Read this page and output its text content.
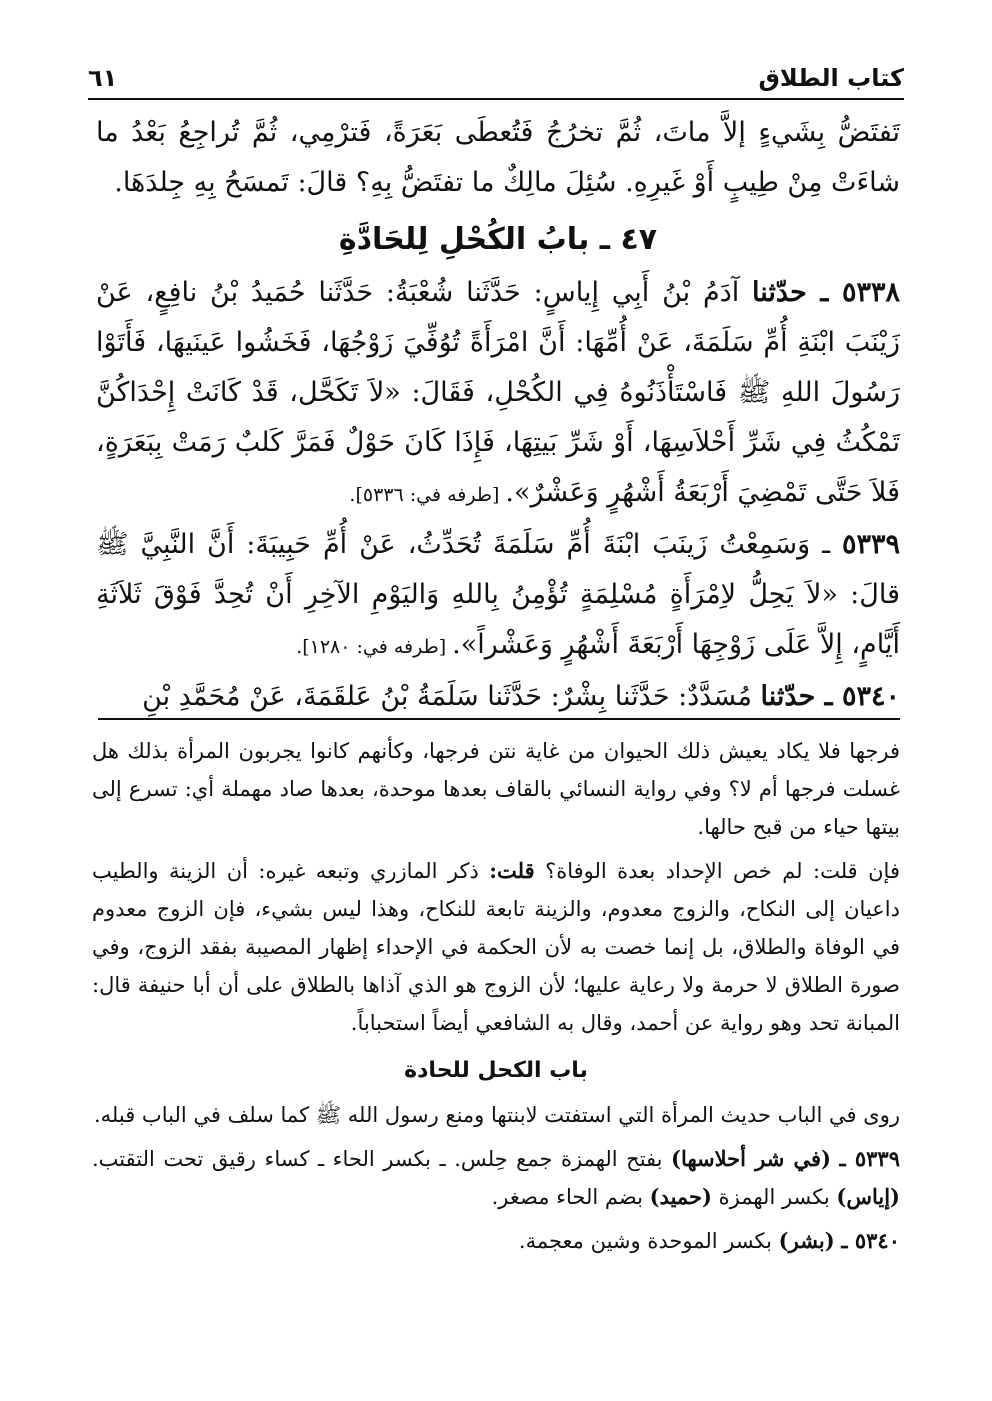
كتاب الطلاق
٦١

تَفتَضُّ بِشَيءٍ إلاَّ ماتَ، ثُمَّ تخرُجُ فَتُعطَى بَعَرَةً، فَترْمِي، ثُمَّ تُراجِعُ بَعْدُ ما شاءَتْ مِنْ طِيبٍ أَوْ غَيرِهِ. سُئِلَ مالِكٌ ما تفتَضُّ بِهِ؟ قالَ: تَمسَحُ بِهِ جِلدَهَا.

٤٧ ـ بابُ الكُحْلِ لِلحَادَّةِ

٥٣٣٨ ـ حدّثنا آدَمُ بْنُ أَبِي إِياسٍ: حَدَّثَنا شُعْبَةُ: حَدَّثَنا حُمَيدُ بْنُ نافِعٍ، عَنْ زَيْنَبَ ابْنَةِ أُمِّ سَلَمَةَ، عَنْ أُمِّهَا: أَنَّ امْرَأَةً تُوُفِّيَ زَوْجُهَا، فَخَشُوا عَينَيهَا، فَأَتَوْا رَسُولَ اللهِ ﷺ فَاسْتَأْذَنُوهُ فِي الكُحْلِ، فَقَالَ: «لاَ تَكَحَّل، قَدْ كَانَتْ إِحْدَاكُنَّ تَمْكُثُ فِي شَرِّ أَحْلاَسِهَا، أَوْ شَرِّ بَيتِهَا، فَإِذَا كَانَ حَوْلٌ فَمَرَّ كَلبٌ رَمَتْ بِبَعَرَةٍ، فَلاَ حَتَّى تَمْضِيَ أَرْبَعَةُ أَشْهُرٍ وَعَشْرٌ». [طرفه في: ٥٣٣٦].

٥٣٣٩ ـ وَسَمِعْتُ زَينَبَ ابْنَةَ أُمِّ سَلَمَةَ تُحَدِّثُ، عَنْ أُمِّ حَبِيبَةَ: أَنَّ النَّبِيَّ ﷺ قالَ: «لاَ يَحِلُّ لاِمْرَأَةٍ مُسْلِمَةٍ تُؤْمِنُ بِاللهِ وَاليَوْمِ الآخِرِ أَنْ تُحِدَّ فَوْقَ ثَلاَثَةِ أَيَّامٍ، إِلاَّ عَلَى زَوْجِهَا أَرْبَعَةَ أَشْهُرٍ وَعَشْراً». [طرفه في: ١٢٨٠].

٥٣٤٠ ـ حدّثنا مُسَدَّدٌ: حَدَّثَنا بِشْرٌ: حَدَّثَنا سَلَمَةُ بْنُ عَلقَمَةَ، عَنْ مُحَمَّدِ بْنِ

فرجها فلا يكاد يعيش ذلك الحيوان من غاية نتن فرجها، وكأنهم كانوا يجربون المرأة بذلك هل غسلت فرجها أم لا؟ وفي رواية النسائي بالقاف بعدها موحدة، بعدها صاد مهملة أي: تسرع إلى بيتها حياء من قبح حالها.

فإن قلت: لم خص الإحداد بعدة الوفاة؟ قلت: ذكر المازري وتبعه غيره: أن الزينة والطيب داعيان إلى النكاح، والزوج معدوم، والزينة تابعة للنكاح، وهذا ليس بشيء، فإن الزوج معدوم في الوفاة والطلاق، بل إنما خصت به لأن الحكمة في الإحداء إظهار المصيبة بفقد الزوج، وفي صورة الطلاق لا حرمة ولا رعاية عليها؛ لأن الزوج هو الذي آذاها بالطلاق على أن أبا حنيفة قال: المبانة تحد وهو رواية عن أحمد، وقال به الشافعي أيضاً استحباباً.

باب الكحل للحادة

روى في الباب حديث المرأة التي استفتت لابنتها ومنع رسول الله ﷺ كما سلف في الباب قبله.

٥٣٣٩ ـ (في شر أحلاسها) بفتح الهمزة جمع حِلس. ـ بكسر الحاء ـ كساء رقيق تحت التقتب. (إياس) بكسر الهمزة (حميد) بضم الحاء مصغر.

٥٣٤٠ ـ (بشر) بكسر الموحدة وشين معجمة.
